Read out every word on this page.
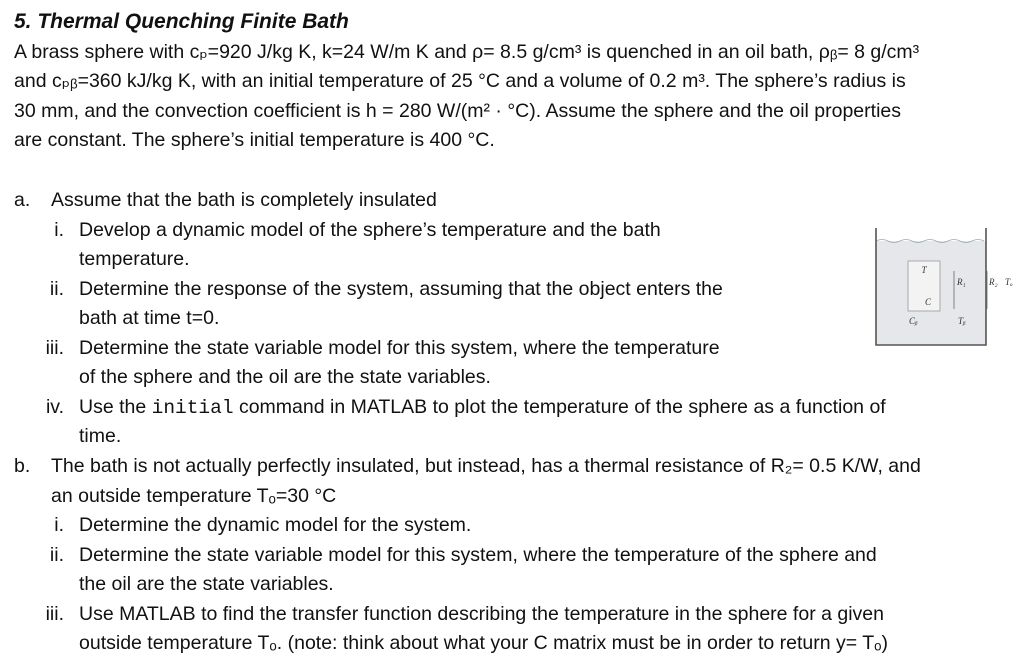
5. Thermal Quenching Finite Bath
A brass sphere with cₚ=920 J/kg K, k=24 W/m K and ρ= 8.5 g/cm³ is quenched in an oil bath, ρᵦ= 8 g/cm³
and cₚᵦ=360 kJ/kg K, with an initial temperature of 25 °C and a volume of 0.2 m³. The sphere’s radius is
30 mm, and the convection coefficient is h = 280 W/(m² · °C). Assume the sphere and the oil properties
are constant. The sphere’s initial temperature is 400 °C.
a. Assume that the bath is completely insulated
i. Develop a dynamic model of the sphere’s temperature and the bath
temperature.
ii. Determine the response of the system, assuming that the object enters the
bath at time t=0.
iii. Determine the state variable model for this system, where the temperature
of the sphere and the oil are the state variables.
iv. Use the initial command in MATLAB to plot the temperature of the sphere as a function of
time.
b. The bath is not actually perfectly insulated, but instead, has a thermal resistance of R₂= 0.5 K/W, and
an outside temperature Tₒ=30 °C
i. Determine the dynamic model for the system.
ii. Determine the state variable model for this system, where the temperature of the sphere and
the oil are the state variables.
iii. Use MATLAB to find the transfer function describing the temperature in the sphere for a given
outside temperature Tₒ. (note: think about what your C matrix must be in order to return y= Tₒ)
T
C
R₁	R₂ Tₒ
Cᵦ	Tᵦ
